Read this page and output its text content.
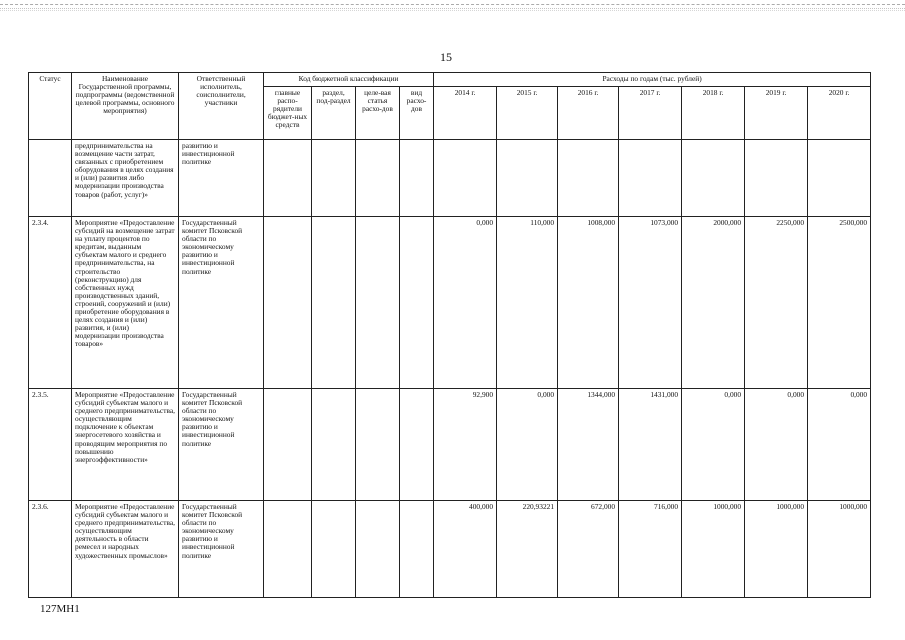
15
Статус	Наименование Государственной программы, подпрограммы (ведомственной целевой программы, основного мероприятия)	Ответственный исполнитель, соисполнители, участники	Код бюджетной классификации				Расходы по годам (тыс. рублей)						
			главные распо-рядители бюджет-ных средств	раздел, под-раздел	целе-вая статья расхо-дов	вид расхо-дов	2014 г.	2015 г.	2016 г.	2017 г.	2018 г.	2019 г.	2020 г.
	предпринимательства на возмещение части затрат, связанных с приобретением оборудования в целях создания и (или) развития либо модернизации производства товаров (работ, услуг)»	развитию и инвестиционной политике											
2.3.4.	Мероприятие «Предоставление субсидий на возмещение затрат на уплату процентов по кредитам, выданным субъектам малого и среднего предпринимательства, на строительство (реконструкцию) для собственных нужд производственных зданий, строений, сооружений и (или) приобретение оборудования в целях создания и (или) развития, и (или) модернизации производства товаров»	Государственный комитет Псковской области по экономическому развитию и инвестиционной политике					0,000	110,000	1008,000	1073,000	2000,000	2250,000	2500,000
2.3.5.	Мероприятие «Предоставление субсидий субъектам малого и среднего предпринимательства, осуществляющим подключение к объектам энергосетевого хозяйства и проводящим мероприятия по повышению энергоэффективности»	Государственный комитет Псковской области по экономическому развитию и инвестиционной политике					92,900	0,000	1344,000	1431,000	0,000	0,000	0,000
2.3.6.	Мероприятие «Предоставление субсидий субъектам малого и среднего предпринимательства, осуществляющим деятельность в области ремесел и народных художественных промыслов»	Государственный комитет Псковской области по экономическому развитию и инвестиционной политике					400,000	220,93221	672,000	716,000	1000,000	1000,000	1000,000
127МН1
